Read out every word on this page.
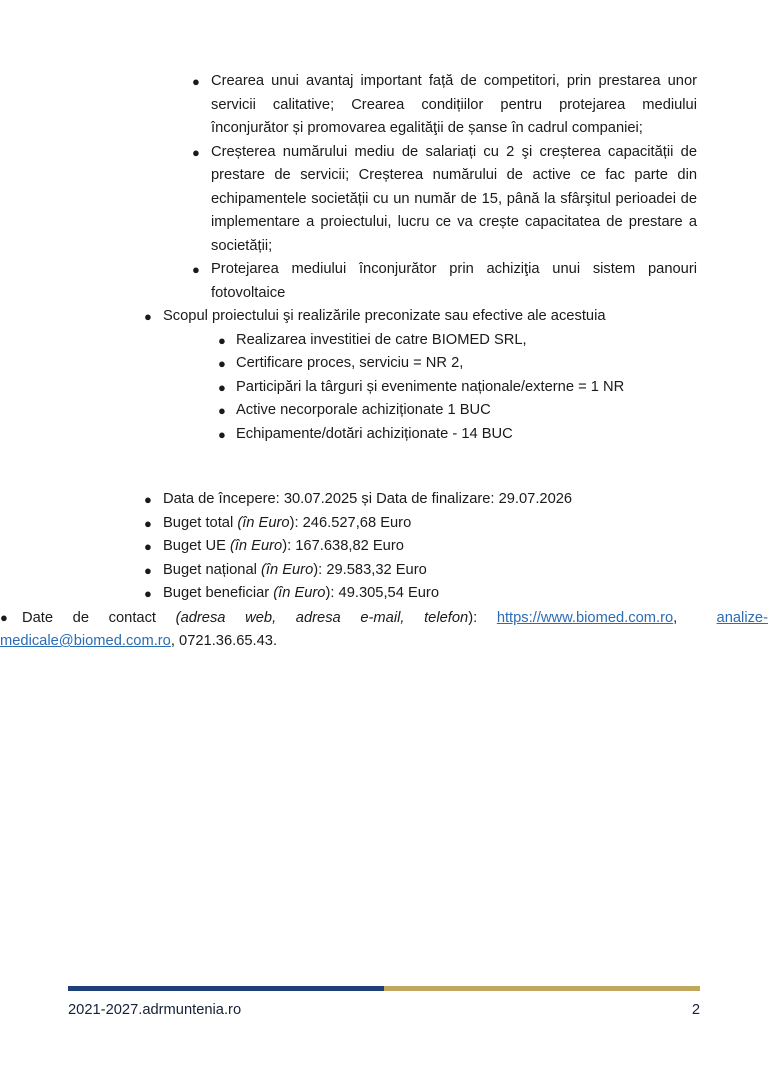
● Crearea unui avantaj important față de competitori, prin prestarea unor servicii calitative; Crearea condițiilor pentru protejarea mediului înconjurător și promovarea egalităţii de șanse în cadrul companiei;
● Creșterea numărului mediu de salariați cu 2 şi creșterea capacității de prestare de servicii; Creșterea numărului de active ce fac parte din echipamentele societății cu un număr de 15, până la sfârşitul perioadei de implementare a proiectului, lucru ce va crește capacitatea de prestare a societății;
● Protejarea mediului înconjurător prin achiziţia unui sistem panouri fotovoltaice
● Scopul proiectului şi realizările preconizate sau efective ale acestuia
● Realizarea investitiei de catre BIOMED SRL,
● Certificare proces, serviciu = NR 2,
● Participări la târguri și evenimente naționale/externe = 1 NR
● Active necorporale achiziționate 1 BUC
● Echipamente/dotări achiziționate - 14 BUC
● Data de începere: 30.07.2025 și Data de finalizare: 29.07.2026
● Buget total (în Euro): 246.527,68 Euro
● Buget UE (în Euro): 167.638,82 Euro
● Buget național (în Euro): 29.583,32 Euro
● Buget beneficiar (în Euro): 49.305,54 Euro

● Date de contact (adresa web, adresa e-mail, telefon): https://www.biomed.com.ro,	analize-medicale@biomed.com.ro, 0721.36.65.43.

2021-2027.adrmuntenia.ro	2
